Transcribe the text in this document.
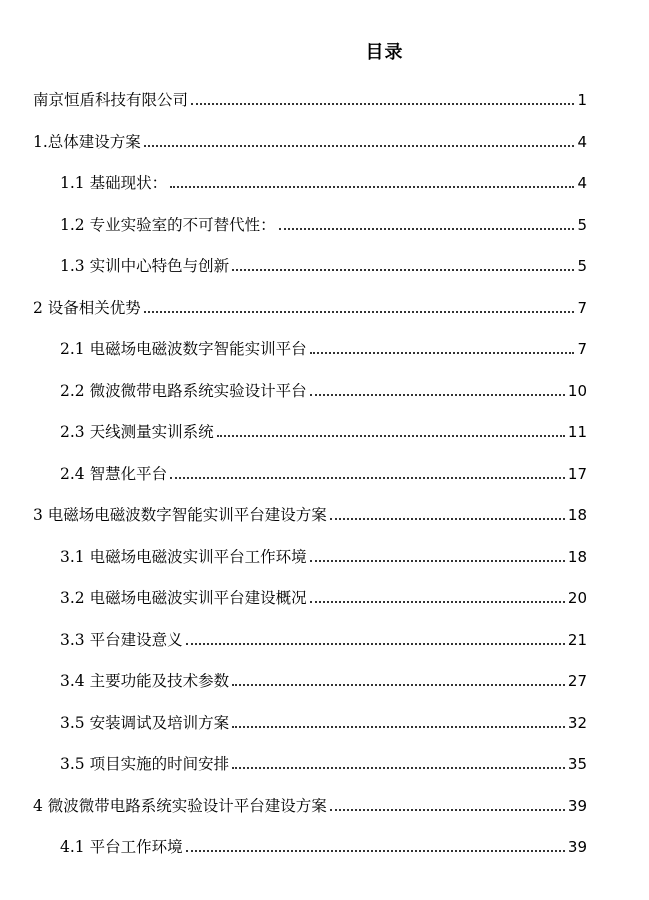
目录
南京恒盾科技有限公司	1
1.总体建设方案	4
1.1 基础现状：	4
1.2 专业实验室的不可替代性：	5
1.3 实训中心特色与创新	5
2 设备相关优势	7
2.1 电磁场电磁波数字智能实训平台	7
2.2 微波微带电路系统实验设计平台	10
2.3 天线测量实训系统	11
2.4 智慧化平台	17
3 电磁场电磁波数字智能实训平台建设方案	18
3.1 电磁场电磁波实训平台工作环境	18
3.2 电磁场电磁波实训平台建设概况	20
3.3 平台建设意义	21
3.4 主要功能及技术参数	27
3.5 安装调试及培训方案	32
3.5 项目实施的时间安排	35
4 微波微带电路系统实验设计平台建设方案	39
4.1 平台工作环境	39
